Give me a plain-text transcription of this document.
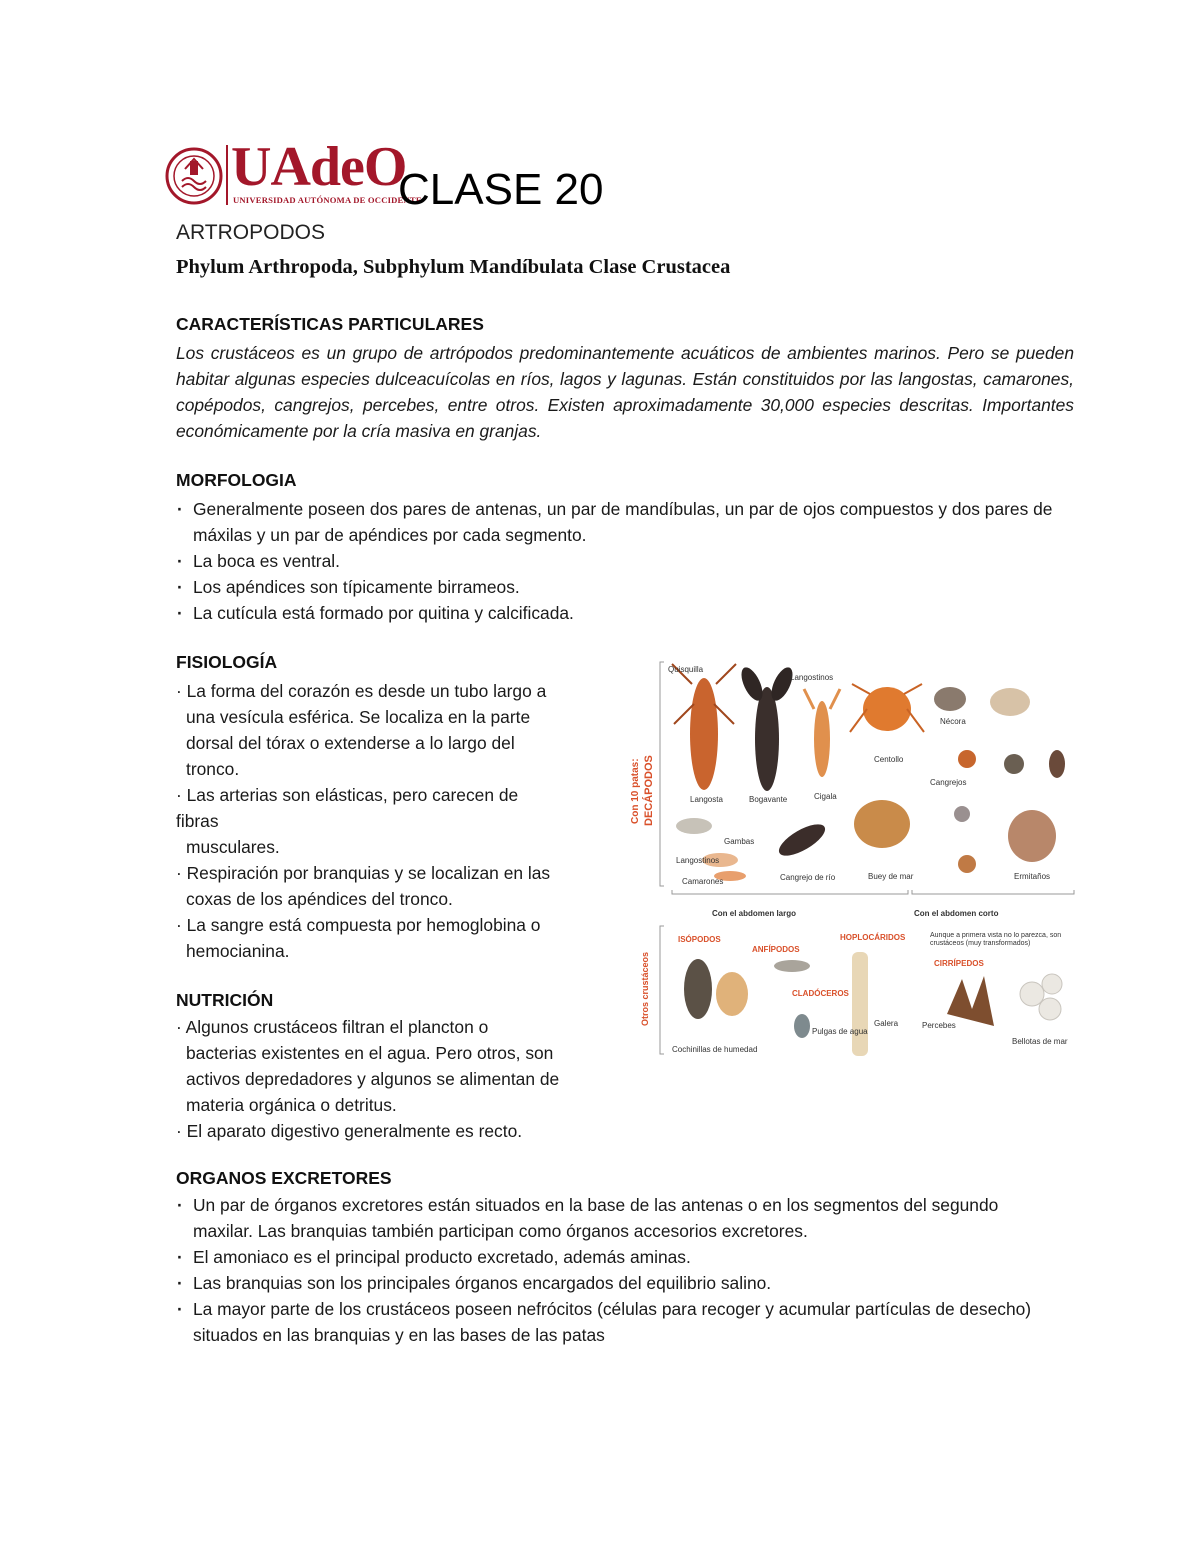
UAdeO
UNIVERSIDAD AUTÓNOMA DE OCCIDENTE
CLASE 20
ARTROPODOS
Phylum Arthropoda, Subphylum Mandíbulata Clase Crustacea
CARACTERÍSTICAS PARTICULARES
Los crustáceos es un grupo de artrópodos predominantemente acuáticos de ambientes marinos. Pero se pueden habitar algunas especies dulceacuícolas en ríos, lagos y lagunas. Están constituidos por las langostas, camarones, copépodos, cangrejos, percebes, entre otros. Existen aproximadamente 30,000 especies descritas. Importantes económicamente por la cría masiva en granjas.
MORFOLOGIA
· Generalmente poseen dos pares de antenas, un par de mandíbulas, un par de ojos compuestos y dos pares de máxilas y un par de apéndices por cada segmento.
· La boca es ventral.
· Los apéndices son típicamente birrameos.
· La cutícula está formado por quitina y calcificada.
FISIOLOGÍA
· La forma del corazón es desde un tubo largo a
una vesícula esférica. Se localiza en la parte
dorsal del tórax o extenderse a lo largo del
tronco.
· Las arterias son elásticas, pero carecen de
fibras
musculares.
· Respiración por branquias y se localizan en las
coxas de los apéndices del tronco.
· La sangre está compuesta por hemoglobina o
hemocianina.
NUTRICIÓN
· Algunos crustáceos filtran el plancton o
bacterias existentes en el agua. Pero otros, son
activos depredadores y algunos se alimentan de
materia orgánica o detritus.
· El aparato digestivo generalmente es recto.
ORGANOS EXCRETORES
· Un par de órganos excretores están situados en la base de las antenas o en los segmentos del segundo maxilar. Las branquias también participan como órganos accesorios excretores.
· El amoniaco es el principal producto excretado, además aminas.
· Las branquias son los principales órganos encargados del equilibrio salino.
· La mayor parte de los crustáceos poseen nefrócitos (células para recoger y acumular partículas de desecho) situados en las branquias y en las bases de las patas
Con 10 patas: DECÁPODOS
Otros crustáceos
Quisquilla
Langostinos
Langosta	Bogavante	Cigala
Centollo
Nécora
Cangrejos
Gambas
Langostinos
Camarones	Cangrejo de río	Buey de mar	Ermitaños
Con el abdomen largo	Con el abdomen corto
Cochinillas de humedad
Pulgas de agua
Galera	Percebes
Bellotas de mar
ISÓPODOS
ANFÍPODOS
CLADÓCEROS
HOPLOCÁRIDOS
CIRRÍPEDOS
Aunque a primera vista no lo parezca, son crustáceos (muy transformados)
